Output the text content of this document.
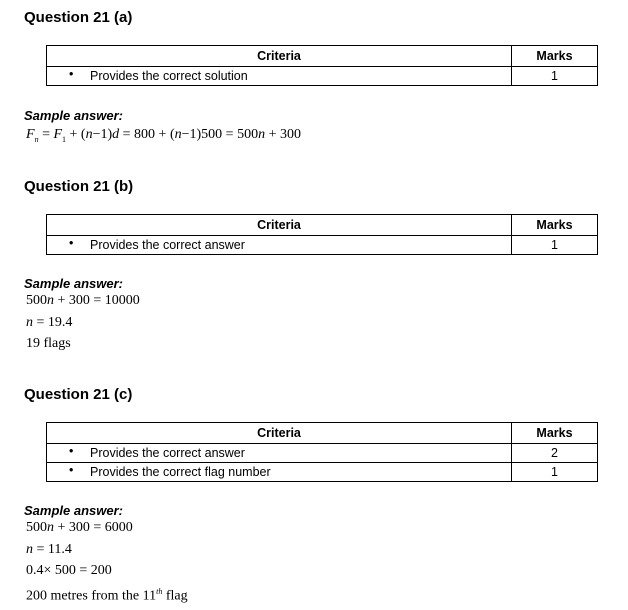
Question 21 (a)
Criteria	Marks

• Provides the correct solution	1
Sample answer:
$F_n = F_1 + (n-1)d = 800 + (n-1)500 = 500n + 300$
Question 21 (b)
Criteria	Marks

• Provides the correct answer	1
Sample answer:
500n + 300 = 10000
n = 19.4
19 flags
Question 21 (c)
Criteria	Marks

• Provides the correct answer	2

• Provides the correct flag number	1
Sample answer:
500n + 300 = 6000
n = 11.4
0.4× 500 = 200
200 metres from the 11th flag
